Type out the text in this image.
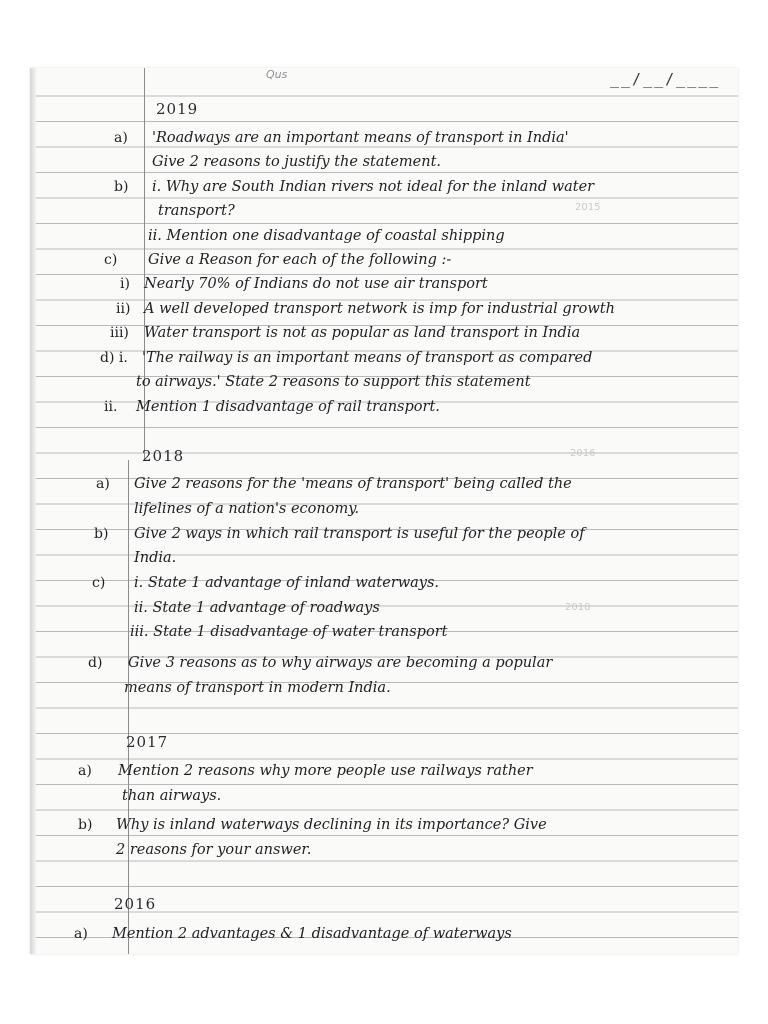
Qus	__/__/____
2015
2016
2018
2019
a) 'Roadways are an important means of transport in India'
Give 2 reasons to justify the statement.
b) i. Why are South Indian rivers not ideal for the inland water
transport?
ii. Mention one disadvantage of coastal shipping
c) Give a Reason for each of the following :-
i) Nearly 70% of Indians do not use air transport
ii) A well developed transport network is imp for industrial growth
iii) Water transport is not as popular as land transport in India
d) i. 'The railway is an important means of transport as compared
to airways.' State 2 reasons to support this statement
ii. Mention 1 disadvantage of rail transport.
2018
a) Give 2 reasons for the 'means of transport' being called the
lifelines of a nation's economy.
b) Give 2 ways in which rail transport is useful for the people of
India.
c) i. State 1 advantage of inland waterways.
ii. State 1 advantage of roadways
iii. State 1 disadvantage of water transport
d) Give 3 reasons as to why airways are becoming a popular
means of transport in modern India.
2017
a) Mention 2 reasons why more people use railways rather
than airways.
b) Why is inland waterways declining in its importance? Give
2 reasons for your answer.
2016
a) Mention 2 advantages & 1 disadvantage of waterways
